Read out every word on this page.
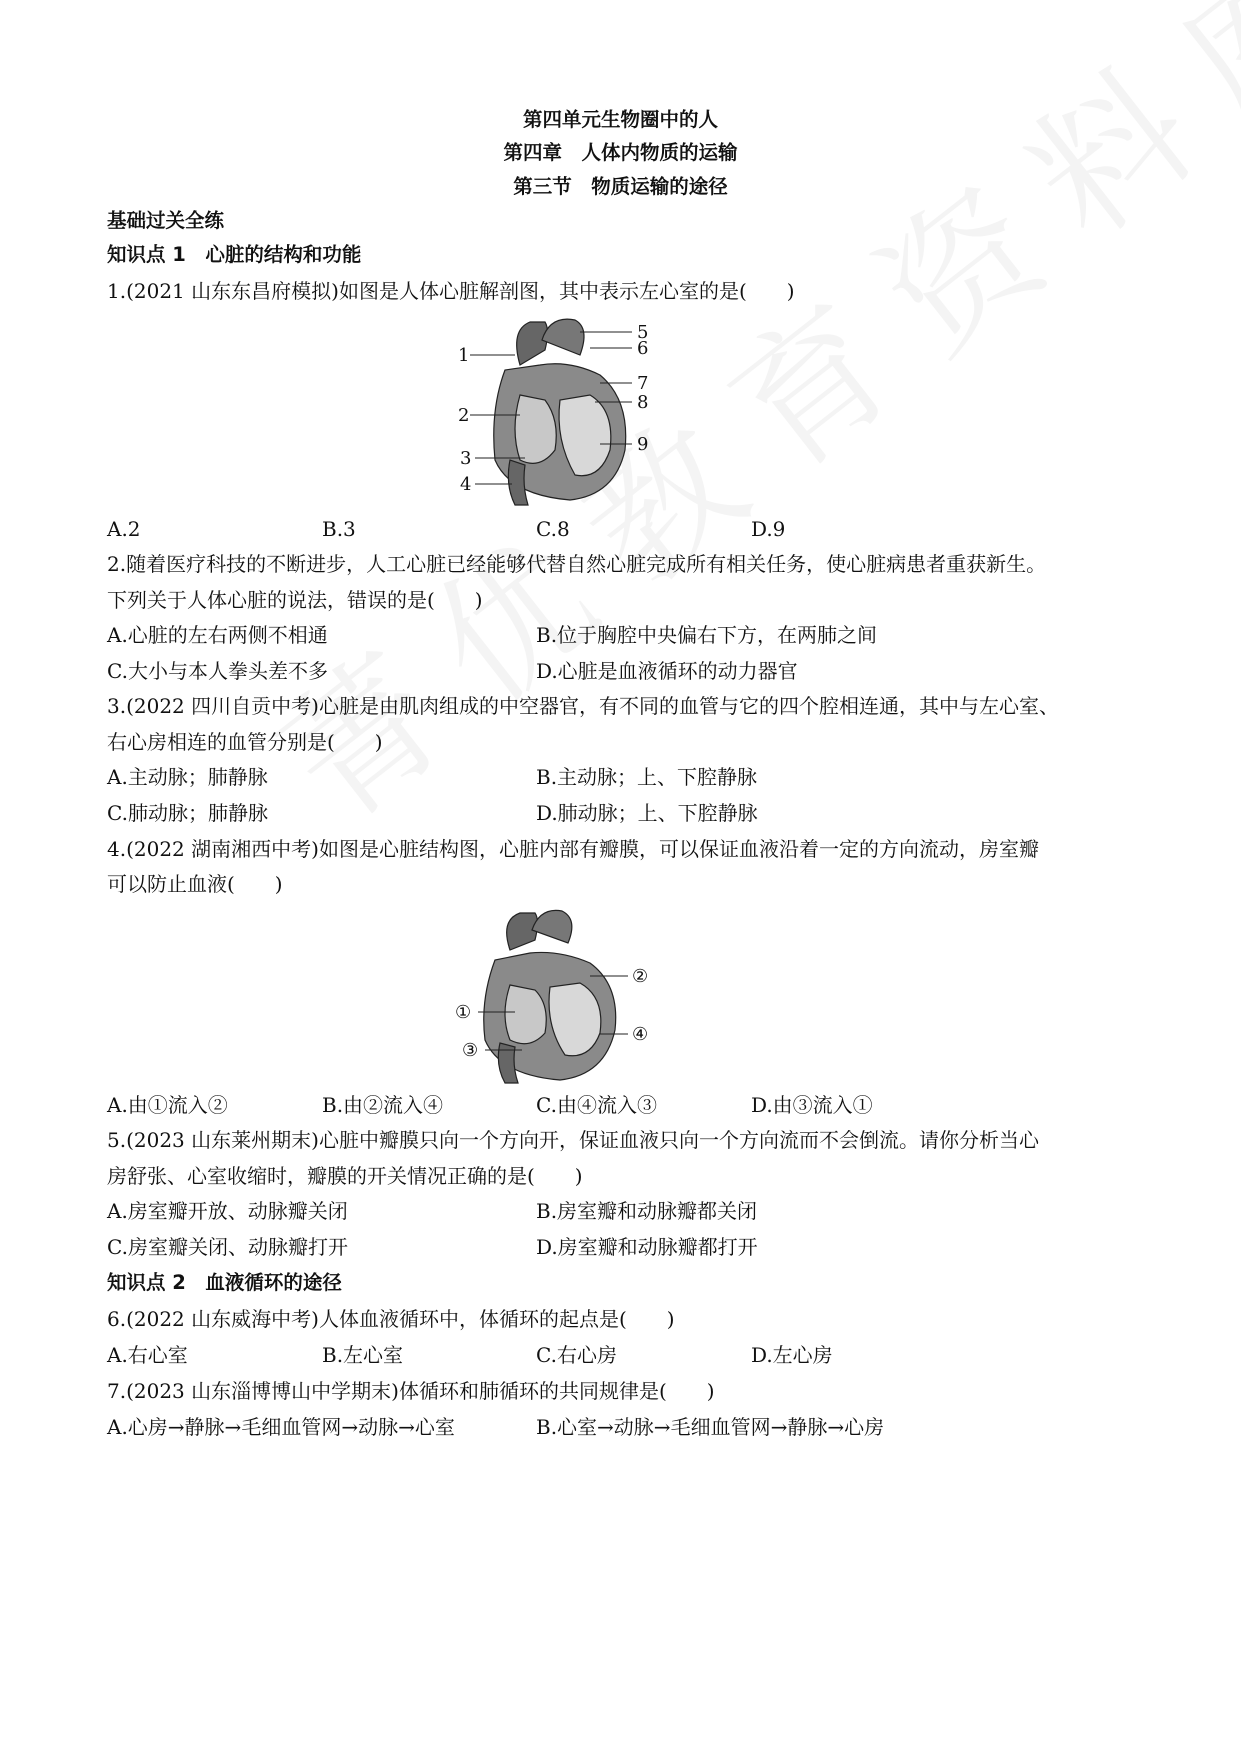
第四单元生物圈中的人
第四章　人体内物质的运输
第三节　物质运输的途径
基础过关全练
知识点 1　心脏的结构和功能
1.(2021 山东东昌府模拟)如图是人体心脏解剖图，其中表示左心室的是(　　)
1
2
3
4
5
6
7
8
9
A.2	B.3	C.8	D.9
2.随着医疗科技的不断进步，人工心脏已经能够代替自然心脏完成所有相关任务，使心脏病患者重获新生。
下列关于人体心脏的说法，错误的是(　　)
A.心脏的左右两侧不相通	B.位于胸腔中央偏右下方，在两肺之间
C.大小与本人拳头差不多	D.心脏是血液循环的动力器官
3.(2022 四川自贡中考)心脏是由肌肉组成的中空器官，有不同的血管与它的四个腔相连通，其中与左心室、
右心房相连的血管分别是(　　)
A.主动脉；肺静脉	B.主动脉；上、下腔静脉
C.肺动脉；肺静脉	D.肺动脉；上、下腔静脉
4.(2022 湖南湘西中考)如图是心脏结构图，心脏内部有瓣膜，可以保证血液沿着一定的方向流动，房室瓣
可以防止血液(　　)
①
②
③
④
A.由①流入②	B.由②流入④	C.由④流入③	D.由③流入①
5.(2023 山东莱州期末)心脏中瓣膜只向一个方向开，保证血液只向一个方向流而不会倒流。请你分析当心
房舒张、心室收缩时，瓣膜的开关情况正确的是(　　)
A.房室瓣开放、动脉瓣关闭	B.房室瓣和动脉瓣都关闭
C.房室瓣关闭、动脉瓣打开	D.房室瓣和动脉瓣都打开
知识点 2　血液循环的途径
6.(2022 山东威海中考)人体血液循环中，体循环的起点是(　　)
A.右心室	B.左心室	C.右心房	D.左心房
7.(2023 山东淄博博山中学期末)体循环和肺循环的共同规律是(　　)
A.心房→静脉→毛细血管网→动脉→心室	B.心室→动脉→毛细血管网→静脉→心房
